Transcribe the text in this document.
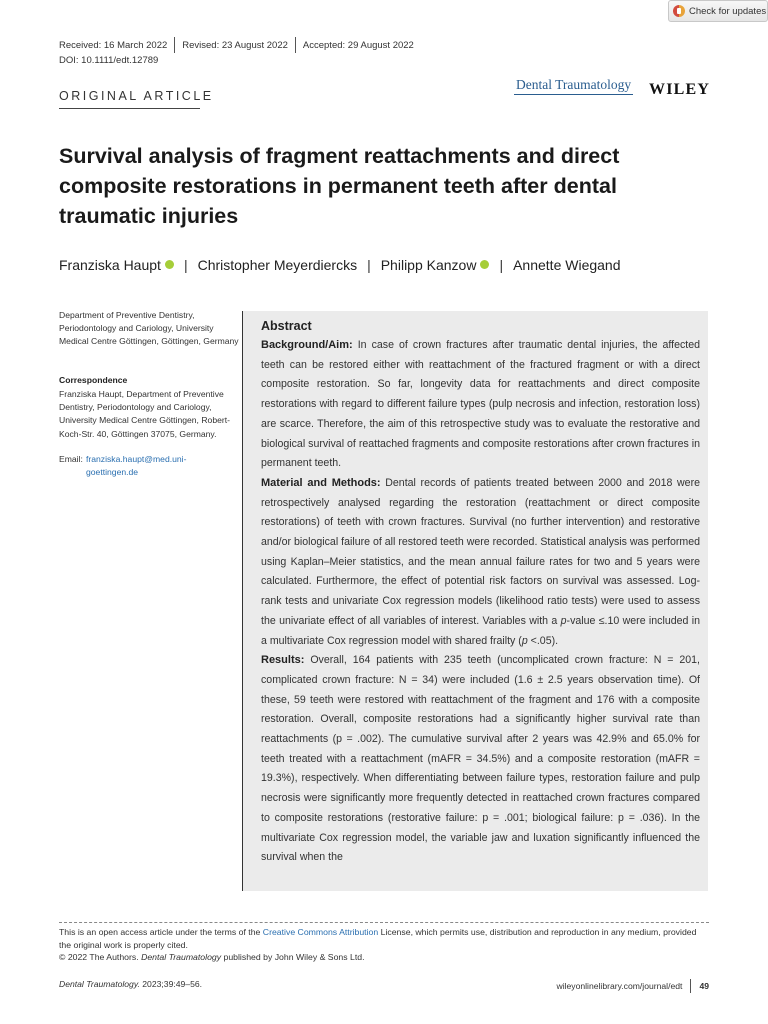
Check for updates
Received: 16 March 2022 Revised: 23 August 2022 Accepted: 29 August 2022
DOI: 10.1111/edt.12789
ORIGINAL ARTICLE
Dental Traumatology WILEY
Survival analysis of fragment reattachments and direct composite restorations in permanent teeth after dental traumatic injuries
Franziska Haupt | Christopher Meyerdiercks | Philipp Kanzow | Annette Wiegand
Department of Preventive Dentistry, Periodontology and Cariology, University Medical Centre Göttingen, Göttingen, Germany
Correspondence
Franziska Haupt, Department of Preventive Dentistry, Periodontology and Cariology, University Medical Centre Göttingen, Robert-Koch-Str. 40, Göttingen 37075, Germany.
Email: franziska.haupt@med.uni-goettingen.de
Abstract

Background/Aim: In case of crown fractures after traumatic dental injuries, the affected teeth can be restored either with reattachment of the fractured fragment or with a direct composite restoration. So far, longevity data for reattachments and direct composite restorations with regard to different failure types (pulp necrosis and infection, restoration loss) are scarce. Therefore, the aim of this retrospective study was to evaluate the restorative and biological survival of reattached fragments and composite restorations after crown fractures in permanent teeth.

Material and Methods: Dental records of patients treated between 2000 and 2018 were retrospectively analysed regarding the restoration (reattachment or direct composite restorations) of teeth with crown fractures. Survival (no further intervention) and restorative and/or biological failure of all restored teeth were recorded. Statistical analysis was performed using Kaplan–Meier statistics, and the mean annual failure rates for two and 5 years were calculated. Furthermore, the effect of potential risk factors on survival was assessed. Log-rank tests and univariate Cox regression models (likelihood ratio tests) were used to assess the univariate effect of all variables of interest. Variables with a p-value ≤.10 were included in a multivariate Cox regression model with shared frailty (p <.05).

Results: Overall, 164 patients with 235 teeth (uncomplicated crown fracture: N = 201, complicated crown fracture: N = 34) were included (1.6 ± 2.5 years observation time). Of these, 59 teeth were restored with reattachment of the fragment and 176 with a composite restoration. Overall, composite restorations had a significantly higher survival rate than reattachments (p = .002). The cumulative survival after 2 years was 42.9% and 65.0% for teeth treated with a reattachment (mAFR = 34.5%) and a composite restoration (mAFR = 19.3%), respectively. When differentiating between failure types, restoration failure and pulp necrosis were significantly more frequently detected in reattached crown fractures compared to composite restorations (restorative failure: p = .001; biological failure: p = .036). In the multivariate Cox regression model, the variable jaw and luxation significantly influenced the survival when the

This is an open access article under the terms of the Creative Commons Attribution License, which permits use, distribution and reproduction in any medium, provided the original work is properly cited.
© 2022 The Authors. Dental Traumatology published by John Wiley & Sons Ltd.
Dental Traumatology. 2023;39:49–56.	wileyonlinelibrary.com/journal/edt 49
